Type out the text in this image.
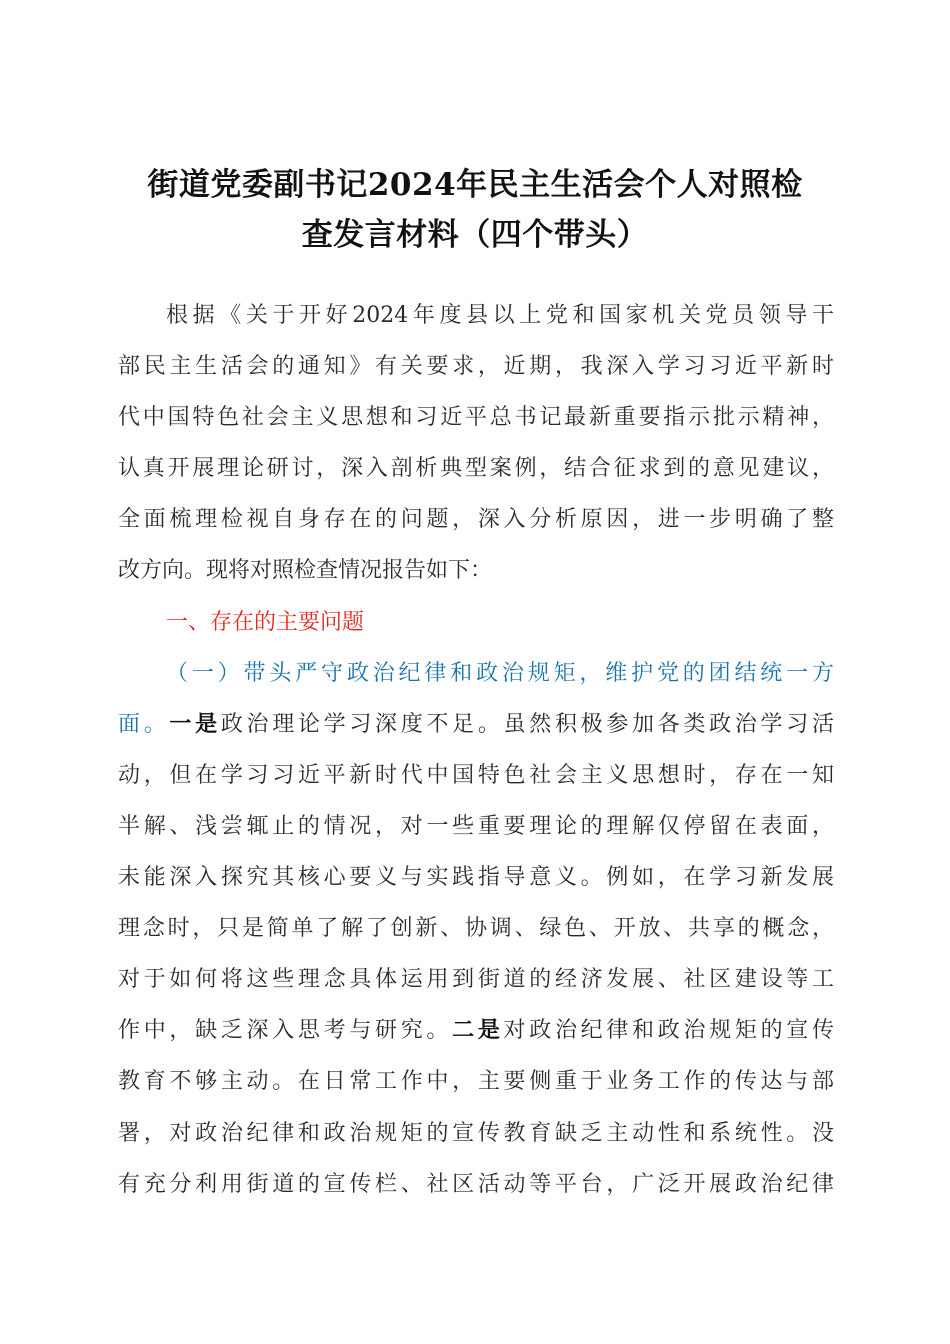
街道党委副书记2024年民主生活会个人对照检
查发言材料（四个带头）
根据《关于开好2024年度县以上党和国家机关党员领导干
部民主生活会的通知》有关要求，近期，我深入学习习近平新时
代中国特色社会主义思想和习近平总书记最新重要指示批示精神，
认真开展理论研讨，深入剖析典型案例，结合征求到的意见建议，
全面梳理检视自身存在的问题，深入分析原因，进一步明确了整
改方向。现将对照检查情况报告如下：
一、存在的主要问题
（一）带头严守政治纪律和政治规矩，维护党的团结统一方
面。一是政治理论学习深度不足。虽然积极参加各类政治学习活
动，但在学习习近平新时代中国特色社会主义思想时，存在一知
半解、浅尝辄止的情况，对一些重要理论的理解仅停留在表面，
未能深入探究其核心要义与实践指导意义。例如，在学习新发展
理念时，只是简单了解了创新、协调、绿色、开放、共享的概念，
对于如何将这些理念具体运用到街道的经济发展、社区建设等工
作中，缺乏深入思考与研究。二是对政治纪律和政治规矩的宣传
教育不够主动。在日常工作中，主要侧重于业务工作的传达与部
署，对政治纪律和政治规矩的宣传教育缺乏主动性和系统性。没
有充分利用街道的宣传栏、社区活动等平台，广泛开展政治纪律
